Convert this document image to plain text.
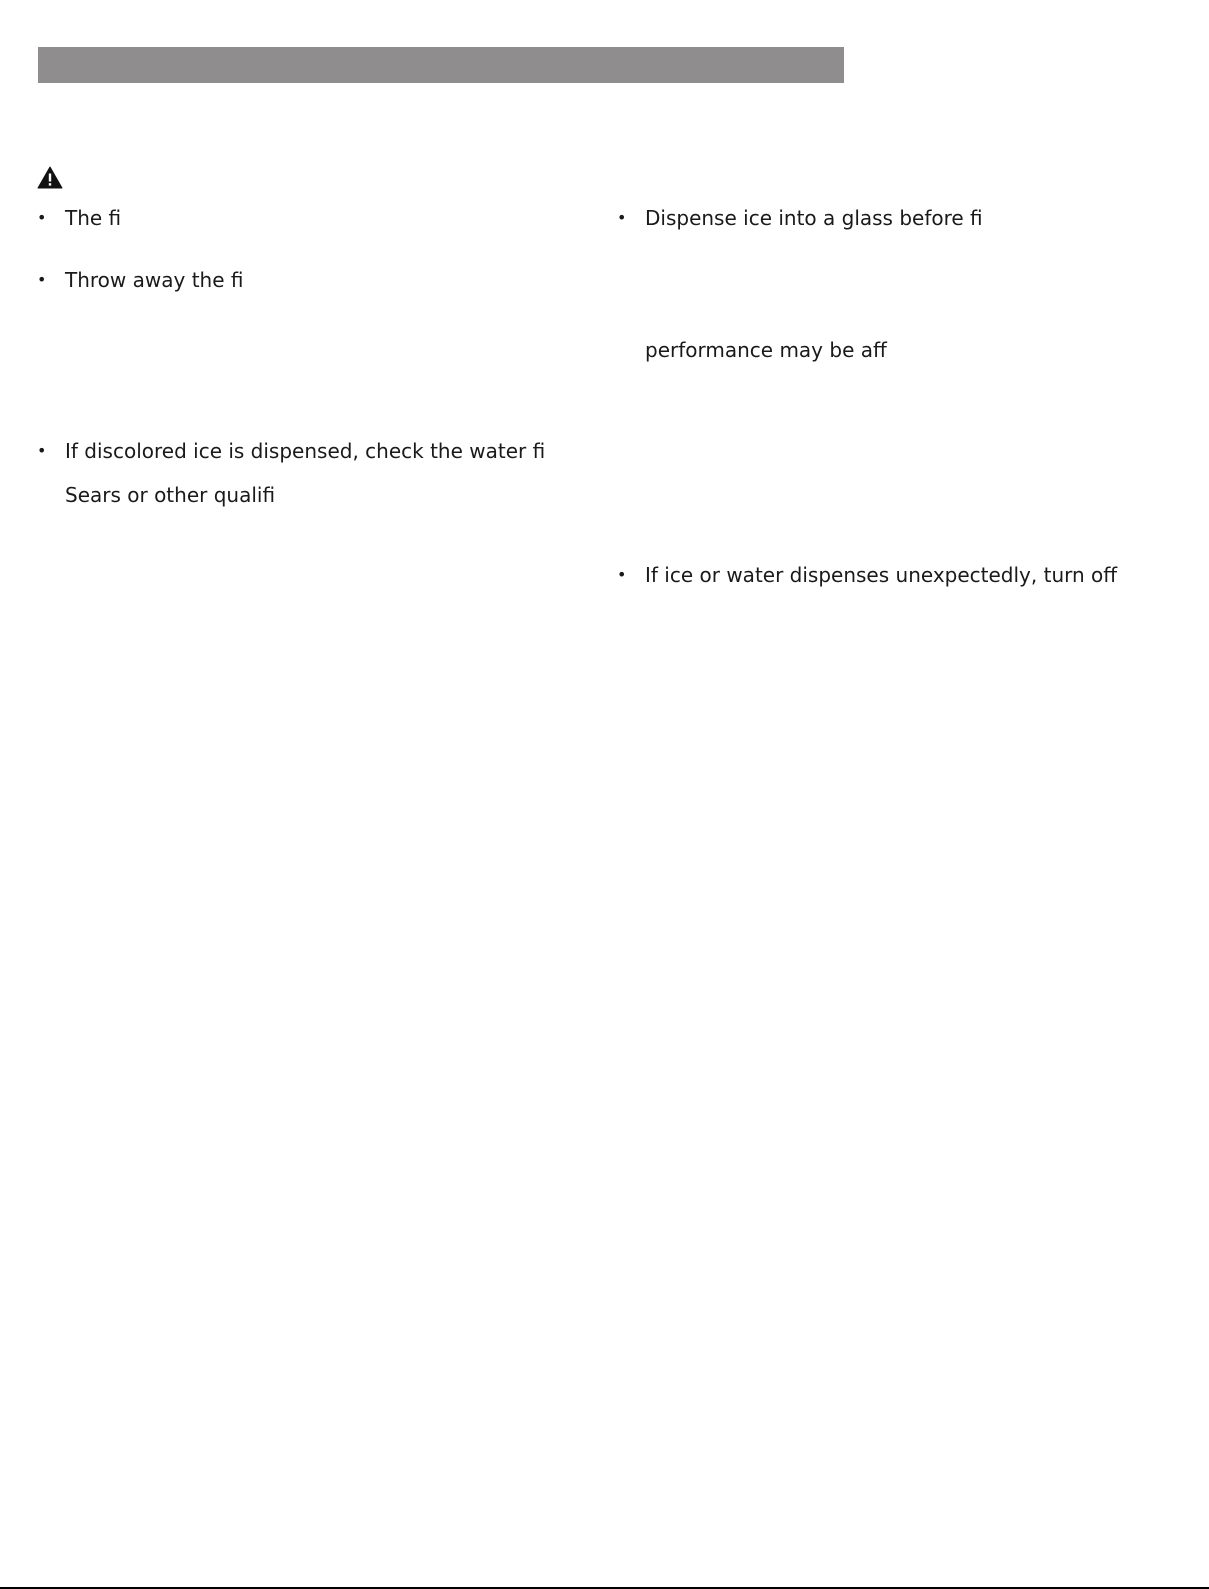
• The fi
• Throw away the fi
• If discolored ice is dispensed, check the water fi
Sears or other qualifi
• Dispense ice into a glass before fi
performance may be aff
• If ice or water dispenses unexpectedly, turn off
